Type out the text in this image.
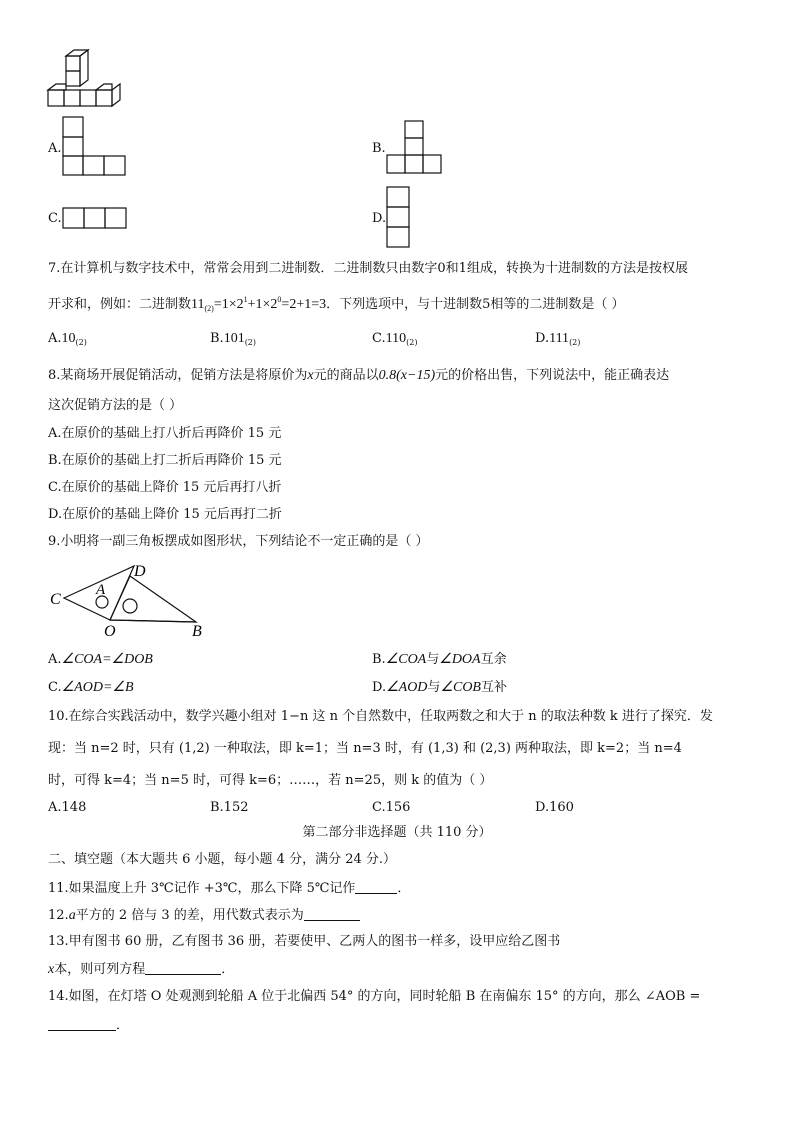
A.	B.
C.	D.
7.在计算机与数字技术中，常常会用到二进制数．二进制数只由数字0和1组成，转换为十进制数的方法是按权展
开求和，例如：二进制数$11_{(2)}=1\times 2^1+1\times 2^0=2+1=3$．下列选项中，与十进制数5相等的二进制数是（ ）
$A.10_{(2)}$	$B.101_{(2)}$	$C.110_{(2)}$	$D.111_{(2)}$
8.某商场开展促销活动，促销方法是将原价为x元的商品以0.8(x−15)元的价格出售，下列说法中，能正确表达
这次促销方法的是（ ）
A.在原价的基础上打八折后再降价 15 元
B.在原价的基础上打二折后再降价 15 元
C.在原价的基础上降价 15 元后再打八折
D.在原价的基础上降价 15 元后再打二折
9.小明将一副三角板摆成如图形状，下列结论不一定正确的是（ ）
C
D
A
O	B
A.∠COA=∠DOB	B.∠COA与∠DOA互余
C.∠AOD=∠B	D.∠AOD与∠COB互补
10.在综合实践活动中，数学兴趣小组对 1−n 这 n 个自然数中，任取两数之和大于 n 的取法种数 k 进行了探究．发
现：当 n=2 时，只有 (1,2) 一种取法，即 k=1；当 n=3 时，有 (1,3) 和 (2,3) 两种取法，即 k=2；当 n=4
时，可得 k=4；当 n=5 时，可得 k=6；……，若 n=25，则 k 的值为（ ）
A.148	B.152	C.156	D.160
第二部分非选择题（共 110 分）
二、填空题（本大题共 6 小题，每小题 4 分，满分 24 分.）
11.如果温度上升 3℃记作 +3℃，那么下降 5℃记作	．
12.a平方的 2 倍与 3 的差，用代数式表示为
13.甲有图书 60 册，乙有图书 36 册，若要使甲、乙两人的图书一样多，设甲应给乙图书
x本，则可列方程	．
14.如图，在灯塔 O 处观测到轮船 A 位于北偏西 54° 的方向，同时轮船 B 在南偏东 15° 的方向，那么 ∠AOB =
．
